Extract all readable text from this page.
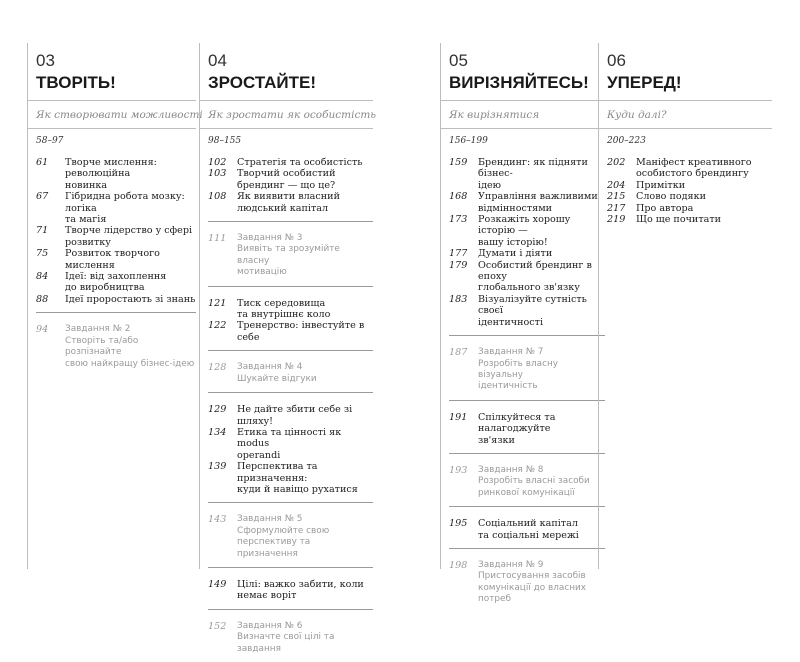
03
ТВОРІТЬ!
Як створювати можливості
58–97
61	Творче мислення: революційна
новинка
67	Гібридна робота мозку: логіка
та магія
71	Творче лідерство у сфері
розвитку
75	Розвиток творчого мислення
84	Ідеї: від захоплення
до виробництва
88	Ідеї проростають зі знань
94	Завдання № 2
Створіть та/або розпізнайте
свою найкращу бізнес-ідею
04
ЗРОСТАЙТЕ!
Як зростати як особистість
98–155
102	Стратегія та особистість
103	Творчий особистий
брендинг — що це?
108	Як виявити власний
людський капітал
111	Завдання № 3
Виявіть та зрозумійте власну
мотивацію
121	Тиск середовища
та внутрішнє коло
122	Тренерство: інвестуйте в себе
128	Завдання № 4
Шукайте відгуки
129	Не дайте збити себе зі шляху!
134	Етика та цінності як modus
operandi
139	Перспектива та призначення:
куди й навіщо рухатися
143	Завдання № 5
Сформулюйте свою
перспективу та призначення
149	Цілі: важко забити, коли
немає воріт
152	Завдання № 6
Визначте свої цілі та завдання
05
ВИРІЗНЯЙТЕСЬ!
Як вирізнятися
156–199
159	Брендинг: як підняти бізнес-
ідею
168	Управління важливими
відмінностями
173	Розкажіть хорошу історію —
вашу історію!
177	Думати і діяти
179	Особистий брендинг в епоху
глобального зв'язку
183	Візуалізуйте сутність своєї
ідентичності
187	Завдання № 7
Розробіть власну візуальну
ідентичність
191	Спілкуйтеся та налагоджуйте
зв'язки
193	Завдання № 8
Розробіть власні засоби
ринкової комунікації
195	Соціальний капітал
та соціальні мережі
198	Завдання № 9
Пристосування засобів
комунікації до власних
потреб
06
УПЕРЕД!
Куди далі?
200–223
202	Маніфест креативного
особистого брендингу
204	Примітки
215	Слово подяки
217	Про автора
219	Що ще почитати
